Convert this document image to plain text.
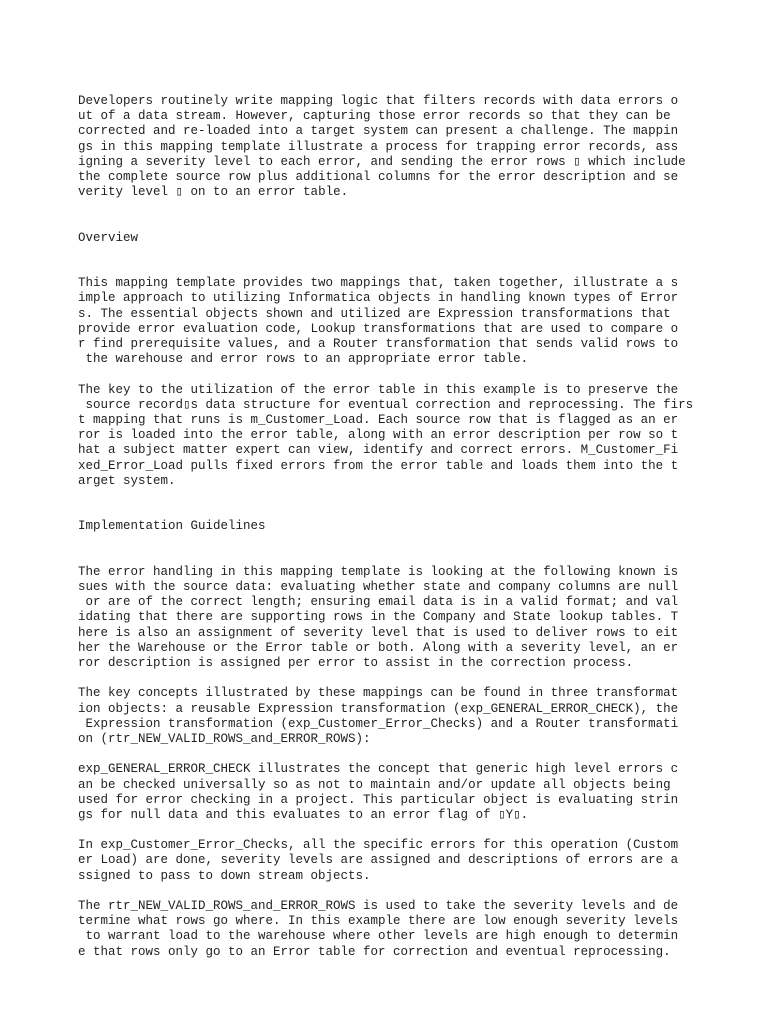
Developers routinely write mapping logic that filters records with data errors o
ut of a data stream. However, capturing those error records so that they can be
corrected and re-loaded into a target system can present a challenge. The mappin
gs in this mapping template illustrate a process for trapping error records, ass
igning a severity level to each error, and sending the error rows ▯ which include
the complete source row plus additional columns for the error description and se
verity level ▯ on to an error table.
Overview
This mapping template provides two mappings that, taken together, illustrate a s
imple approach to utilizing Informatica objects in handling known types of Error
s. The essential objects shown and utilized are Expression transformations that
provide error evaluation code, Lookup transformations that are used to compare o
r find prerequisite values, and a Router transformation that sends valid rows to
the warehouse and error rows to an appropriate error table.
The key to the utilization of the error table in this example is to preserve the
source record▯s data structure for eventual correction and reprocessing. The firs
t mapping that runs is m_Customer_Load. Each source row that is flagged as an er
ror is loaded into the error table, along with an error description per row so t
hat a subject matter expert can view, identify and correct errors. M_Customer_Fi
xed_Error_Load pulls fixed errors from the error table and loads them into the t
arget system.
Implementation Guidelines
The error handling in this mapping template is looking at the following known is
sues with the source data: evaluating whether state and company columns are null
or are of the correct length; ensuring email data is in a valid format; and val
idating that there are supporting rows in the Company and State lookup tables. T
here is also an assignment of severity level that is used to deliver rows to eit
her the Warehouse or the Error table or both. Along with a severity level, an er
ror description is assigned per error to assist in the correction process.
The key concepts illustrated by these mappings can be found in three transformat
ion objects: a reusable Expression transformation (exp_GENERAL_ERROR_CHECK), the
Expression transformation (exp_Customer_Error_Checks) and a Router transformati
on (rtr_NEW_VALID_ROWS_and_ERROR_ROWS):
exp_GENERAL_ERROR_CHECK illustrates the concept that generic high level errors c
an be checked universally so as not to maintain and/or update all objects being
used for error checking in a project. This particular object is evaluating strin
gs for null data and this evaluates to an error flag of ▯Y▯.
In exp_Customer_Error_Checks, all the specific errors for this operation (Custom
er Load) are done, severity levels are assigned and descriptions of errors are a
ssigned to pass to down stream objects.
The rtr_NEW_VALID_ROWS_and_ERROR_ROWS is used to take the severity levels and de
termine what rows go where. In this example there are low enough severity levels
to warrant load to the warehouse where other levels are high enough to determin
e that rows only go to an Error table for correction and eventual reprocessing.
